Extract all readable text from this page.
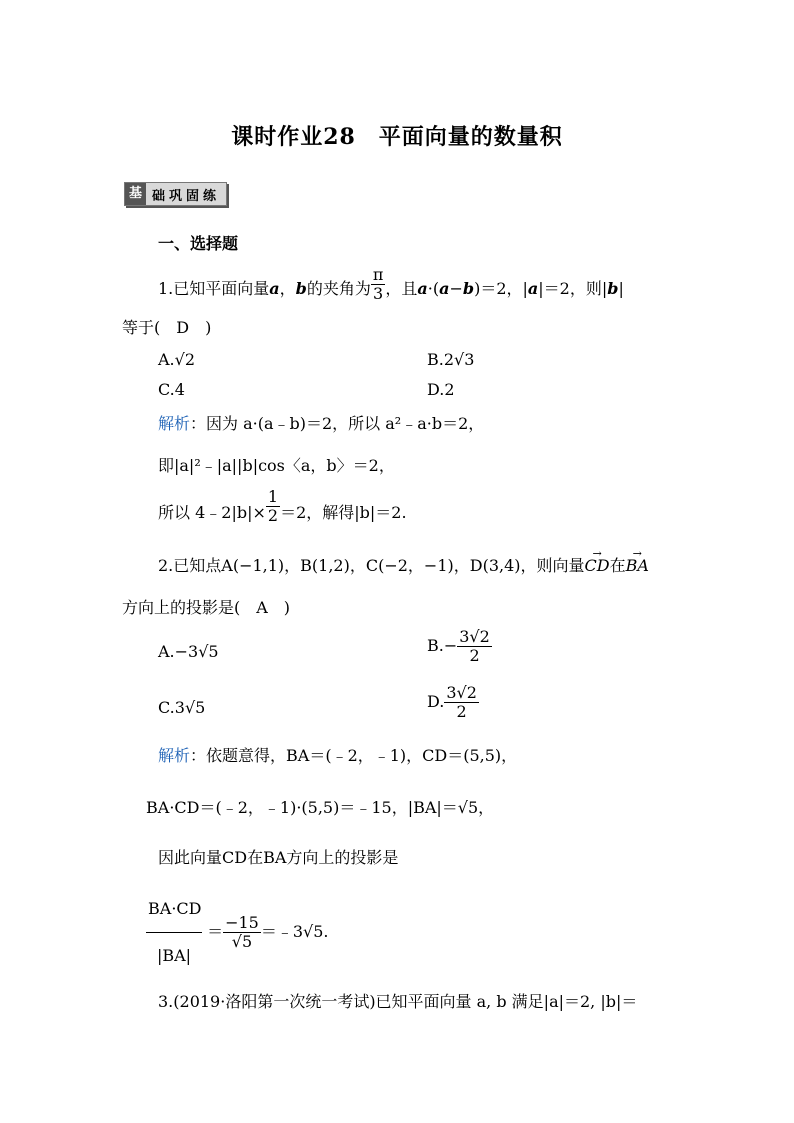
课时作业28　平面向量的数量积
基 础巩固练
一、选择题
1.已知平面向量a，b的夹角为 $\frac{\pi}{3}$ ，且a·(a−b)＝2，|a|＝2，则|b|
等于(　D　)
A.√2	B.2√3
C.4	D.2
解析：因为 a·(a﹣b)＝2，所以 a²﹣a·b＝2，
即|a|²﹣|a||b|cos〈a，b〉＝2，
所以 4﹣2|b|× $\frac{1}{2} =2$，解得|b|＝2.
2.已知点A(−1,1)，B(1,2)，C(−2，−1)，D(3,4)，则向量→ CD在→ BA
方向上的投影是(　A　)
A.−3√5	$B.- \frac{3√2}{2}$
C.3√5	D. $\frac{3√2}{2}$
解析：依题意得，BA＝(﹣2，﹣1)，CD＝(5,5)，
BA·CD＝(﹣2，﹣1)·(5,5)＝﹣15，|BA|＝√5，
因此向量CD在BA方向上的投影是
$\frac{BA\cdot CD}{|BA|} = \frac{-15}{√5}$ ＝﹣3√5.
3.(2019·洛阳第一次统一考试)已知平面向量 a, b 满足|a|＝2, |b|＝
